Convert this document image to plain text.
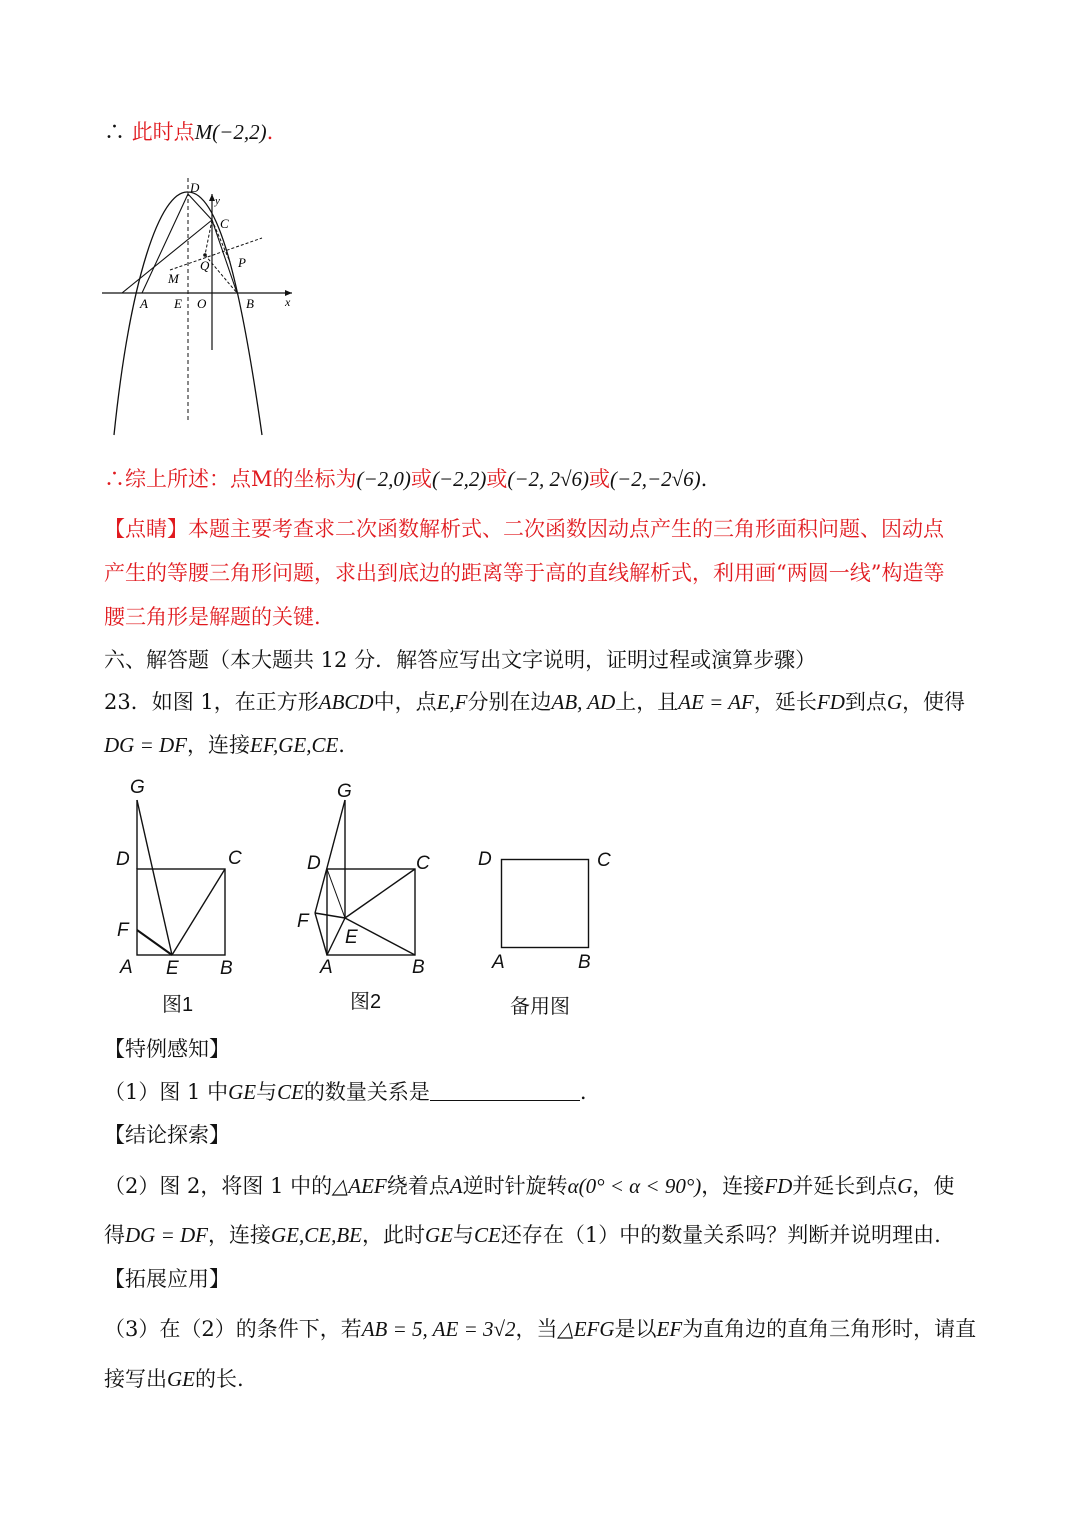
∴ 此时点M(−2,2).
D
y
C
Q P
M
A E O	B	x
∴综上所述：点M的坐标为(−2,0)或(−2,2)或(−2, 2√6)或(−2,−2√6).
【点睛】本题主要考查求二次函数解析式、二次函数因动点产生的三角形面积问题、因动点
产生的等腰三角形问题，求出到底边的距离等于高的直线解析式，利用画“两圆一线”构造等
腰三角形是解题的关键.
六、解答题（本大题共 12 分．解答应写出文字说明，证明过程或演算步骤）
23．如图 1，在正方形ABCD中，点E,F分别在边AB, AD上，且AE = AF，延长FD到点G，使得
DG = DF，连接EF,GE,CE.
G
D	C
F
A E B
图1
G
D	C
F
E
A	B
图2
D	C
A	B
备用图
【特例感知】
（1）图 1 中GE与CE的数量关系是	.
【结论探索】
（2）图 2，将图 1 中的△AEF绕着点A逆时针旋转α(0° < α < 90°)，连接FD并延长到点G，使
得DG = DF，连接GE,CE,BE，此时GE与CE还存在（1）中的数量关系吗？判断并说明理由.
【拓展应用】
（3）在（2）的条件下，若AB = 5, AE = 3√2，当△EFG是以EF为直角边的直角三角形时，请直
接写出GE的长.
